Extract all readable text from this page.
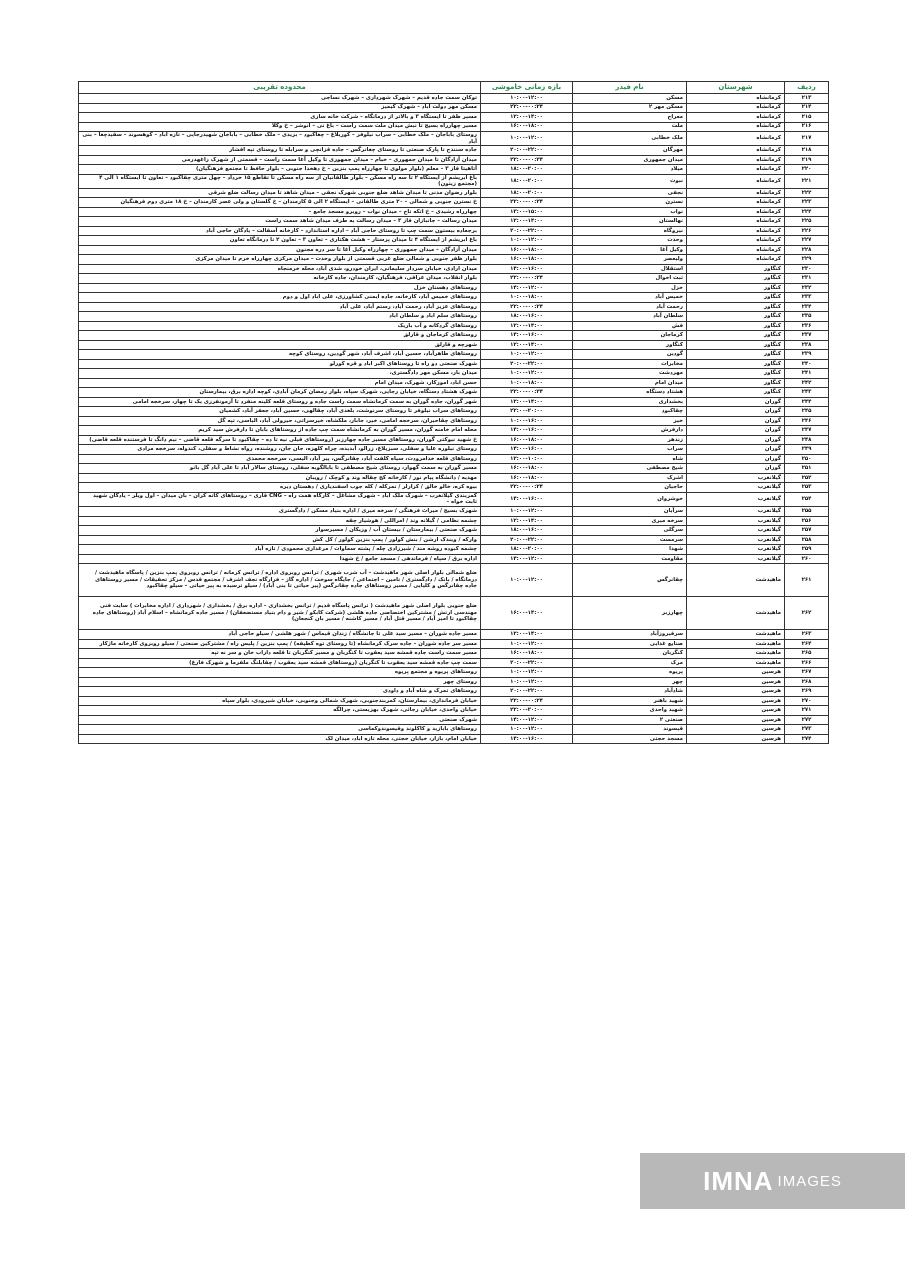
ردیف	شهرستان	نام فیدر	بازه زمانی خاموشی	محدوده تقریبی
۲۱۳	کرمانشاه	مسکن	۱۰:۰۰-۱۲:۰۰	توکان سمت جاده قدیم – شهرک شهرداری – شهرک نساجی
۲۱۴	کرمانشاه	مسکن مهر ۲	۲۲:۰۰-۰۰:۲۴	مسکن مهر دولت آباد – شهرک کیمیز
۲۱۵	کرمانشاه	معراج	۱۲:۰۰-۱۴:۰۰	مسیر ظفر تا ایستگاه ۳ و بالاتر از درمانگاه – شرکت خانه سازی
۲۱۶	کرمانشاه	ملت	۱۶:۰۰-۱۸:۰۰	مسیر چهارراه بسیج تا نبش میدان ملت سمت راست – باغ نی – انوشر – خ وکلا
۲۱۷	کرمانشاه	ملک خطابی	۱۰:۰۰-۱۲:۰۰	روستای باباجان – ملک خطابی – سراب نیلوفر – کوریلاغ – چغاکبود – بزیدی – ملک خطابی – باباجان شهیدرجایی – تازه آباد – کوهسوند – سفیدچغا – بنی آباد
۲۱۸	کرمانشاه	مهرگان	۲۰:۰۰-۲۲:۰۰	جاده سنندج تا پارک صنعتی تا روستای چغانرگس – جاده قزانچی و سرابله تا روستای تپه افشار
۲۱۹	کرمانشاه	میدان جمهوری	۲۲:۰۰-۰۰:۲۴	میدان آزادگان تا میدان جمهوری – خیام – میدان جمهوری تا وکیل آغا سمت راست – قسمتی از شهرک زاغهدرمی
۲۲۰	کرمانشاه	میلاد	۱۸:۰۰-۲۰:۰۰	آتاهیتا فاز ۳ – معلم (بلوار مولوی تا چهارراه پمپ بنزین – خ دهخدا جنوبی – بلوار حافظ تا مجتمع فرهنگیان)
۲۲۱	کرمانشاه	نبوت	۱۸:۰۰-۲۰:۰۰	باغ ابریشم از ایستگاه ۲ تا سه راه مسکن – بلوار طالقانیان از سه راه مسکن تا تقاطع ۱۵ خرداد – چهل متری چقاکبود – تعاون تا ایستگاه ۱ الی ۴ (مجتمع زیتون)
۲۲۲	کرمانشاه	نجفی	۱۸:۰۰-۲۰:۰۰	بلوار رضوان مدنی تا میدان شاهد ضلع جنوبی شهرک نجفی – میدان شاهد تا میدان رسالت ضلع شرقی
۲۲۳	کرمانشاه	نسترن	۲۲:۰۰-۰۰:۲۴	خ نسترن جنوبی و شمالی – ۲۰ متری طالقانی – ایستگاه ۲ الی ۵ کارمندان – خ گلستان و ولی عصر کارمندان – خ ۱۸ متری دوم فرهنگیان
۲۲۴	کرمانشاه	نواب	۱۳:۰۰-۱۵:۰۰	چهارراه رشیدی – خ اتکه تاج – میدان نواب – روبرو مسجد جامع –
۲۲۵	کرمانشاه	نهالستان	۱۲:۰۰-۱۴:۰۰	میدان رسالت – جانبازان فاز ۳ – میدان رسالت به طرف میدان شاهد سمت راست
۲۲۶	کرمانشاه	نیروگاه	۲۰:۰۰-۲۲:۰۰	برجعاده بیستون سمت چپ تا روستای حاجی آباد – اداره استاندارد – کارخانه آسفالت – یادگان حاجی آباد
۲۲۷	کرمانشاه	وحدت	۱۰:۰۰-۱۲:۰۰	باغ ابریشم از ایستگاه ۴ تا میدان پرستار – هشت هکتاری – تعاون ۳ – تعاون ۲ تا درمانگاه تعاون
۲۲۸	کرمانشاه	وکیل آغا	۱۶:۰۰-۱۸:۰۰	میدان آزادگان – میدان جمهوری – چهارراه وکیل آغا تا سر دره مجنون
۲۲۹	کرمانشاه	ولیعصر	۱۶:۰۰-۱۸:۰۰	بلوار ظفر جنوبی و شمالی ضلع غربی قسمتی از بلوار وحدت – میدان مرکزی چهارراه خرم تا میدان مرکزی
۲۳۰	کنگاور	استقلال	۱۴:۰۰-۱۶:۰۰	میدان ارادی، خیابان سردار سلیمانی، ایران خودرو، شدی آباد، محله خرمنجاه
۲۳۱	کنگاور	ثبت احوال	۲۲:۰۰-۰۰:۲۴	بلوار انقلاب، میدان عراقی، فرهنگیان، کارمندان، جاده کارخانه
۲۳۲	کنگاور	خزل	۱۴:۰۰-۱۲:۰۰	روستاهای دهستان خزل
۲۳۳	کنگاور	خمیس آباد	۱۰:۰۰-۱۸:۰۰	روستاهای خمیس آباد، کارخانه، جاده ایمنی کشاورزی، علی اباد اول و دوم
۲۳۴	کنگاور	رحمت آباد	۲۲:۰۰-۰۰:۲۴	روستاهای عزیز آباد، رحمت آباد، رستم آباد، علی آباد
۲۳۵	کنگاور	سلطان آباد	۱۸:۰۰-۱۶:۰۰	روستاهای سلم اباد و سلطان اباد
۲۳۶	کنگاور	فش	۱۲:۰۰-۱۴:۰۰	روستاهای گردکانه و آب باریک
۲۳۷	کنگاور	کرماجان	۱۴:۰۰-۱۶:۰۰	روستاهای کرماجان و قارلق
۲۳۸	کنگاور	کنگاور	۱۲:۰۰-۱۴:۰۰	شهرچه و قارلق
۲۳۹	کنگاور	گودین	۱۰:۰۰-۱۲:۰۰	روستاهای طاهرآباد، حسین آباد، اشرف آباد، شهر گودین، روستای کوچه
۲۴۰	کنگاور	مخابرات	۲۰:۰۰-۲۲:۰۰	شهرک صنعتی دو راه تا روستاهای اکبر اباد و قره کورلو
۲۴۱	کنگاور	مهردشت	۱۰:۰۰-۱۲:۰۰	میدان بار، مسکن مهر دادگستری،
۲۴۲	کنگاور	میدان امام	۱۰:۰۰-۱۸:۰۰	حسن اباد، امورکار، شهرک، میدان امام
۲۴۳	کنگاور	هشتاد دستگاه	۲۲:۰۰-۰۰:۲۴	شهرک هشتاد دستگاه، خیابان رجایی، شهرک سپاه، بلوار رمضان کرمان آبادی، کوچه اداره برق، بیمارستان
۲۴۴	گوران	بخشداری	۱۲:۰۰-۱۴:۰۰	شهر گوران، جاده گوران به سمت کرمانشاه سمت راست جاده و روستای قلعه کلینه منفرد تا آزمونفرزی یک تا چهار، سرخجه امامی
۲۴۵	گوران	چقاکبود	۲۲:۰۰-۲۰:۰۰	روستاهای سراب نیلوفر تا روستای سرنوشت، بلغدی آباد، چقالهی، حسین آباد، جعفر آباد، کشمیان
۲۴۶	گوران	خیر	۱۰:۰۰-۱۶:۰۰	روستاهای چقاحیران، سرخجه امامی، خیر، جابار، ملکشاه، خیرسراتی، حیرولی آباد، الیاسی، تپه گل
۲۴۷	گوران	دارفرش	۱۴:۰۰-۱۶:۰۰	محله امام خامنه گوران، مسیر گوران به کرمانشاه سمت چپ جاده از روستاهای بابان تا دارفرش سید کریم
۲۴۸	گوران	زندهر	۱۶:۰۰-۱۸:۰۰	خ شهید نیوکتی گوران، روستاهای مسیر جاده چهارزبر (روستاهای قبلی نیه تا ده – چقاکبود تا سرگه قلعه قاضی – نیم دانگ تا فرستنده قلعه قاضی)
۲۴۹	گوران	سراب	۱۴:۰۰-۱۶:۰۰	روستای نیلوره علیا و سفلی، سبزیلاغ، زرالو، آبدیده، چراه کلهزه، جان جان، روشنده، رواه نشاط و سفلی، کندوله، سرخجه مرادی
۲۵۰	گوران	شاه	۱۲:۰۰-۱۰:۰۰	روستاهای قلعه خدامرودت، سیاه کلفت آباد، چقانرگس، پیر آباد، الیسی، سرخجه محمدی
۲۵۱	گوران	شیخ مصطفی	۱۶:۰۰-۱۸:۰۰	مسیر گوران به سمت گهوار، روستای شیخ مصطفی تا بابالگوبه سفلی، روستای سالار آباد تا علی آباد گل بانو
۲۵۲	گیلانغرب	اشرک	۱۶:۰۰-۱۸:۰۰	مهدیه / دانشگاه پیام نور / کارخانه کج چقاله وند و کوچک / رویبان
۲۵۳	گیلانغرب	حاجیان	۲۲:۰۰-۰۰:۲۴	بیوه کره، خالو خالق / کرارلر / نمرکله / کله جوب اسفندیاری / دهستان دیره
۲۵۴	گیلانغرب	خوشروان	۱۴:۰۰-۱۶:۰۰	کمربندی گیلانغرب – شهرک ملک آباد – شهرک مشاغل – کارگاه همت راه – CNG قاری – روستاهای کانه کران – بان میدان – اول ویلر – یادگان شهید ثابت خواه –
۲۵۵	گیلانغرب	سرآیان	۱۰:۰۰-۱۲:۰۰	شهرک بسیج / میراث فرهنگی / سرخه میری / اداره بنیاد مسکن / دادگستری
۲۵۶	گیلانغرب	سرخه میری	۱۲:۰۰-۱۴:۰۰	چشمه نظامی / گیلانه وند / امراللی / هوشیار چقه
۲۵۷	گیلانغرب	سرگلی	۱۸:۰۰-۱۶:۰۰	شهرک صنعتی / بیمارستان / بیستان آب / وزیکان / مسیرسوار
۲۵۸	گیلانغرب	سرمست	۲۰:۰۰-۲۲:۰۰	وارکه / ویندک ارشن / بنش کولور / پمپ بنزین کولور / کل کش
۲۵۹	گیلانغرب	شهدا	۱۸:۰۰-۲۰:۰۰	چشمه کبوده روشه مند / شیرزادی چله / پشته سماوات / مرغداری محمودی / تازه آباد
۲۶۰	گیلانغرب	مقاومت	۱۴:۰۰-۱۲:۰۰	اداره برق / سپاه / فرماندهی / مسجد جامع / خ شهدا
۲۶۱	ماهیدشت	چقانرگس	۱۰:۰۰-۱۲:۰۰	ضلع شمالی بلوار اصلی شهر ماهیدشت – آب شرب شهری / ترانس روبروی اداره / ترانس کرمانه / ترانس روبروی پمپ بنزین / پاسگاه ماهیدشت / درمانگاه / بانک / دادگستری / تامین – اجتماعی / جایگاه سوخت / اداره گاز – فرارگاه نجف اشرف / مجتمع قدس / مرکز تحقیقات / مسیر روستاهای جاده چقانرگس و کلیایی / مسیر روستاهای جاده چقانرگس (پیر حیاتی تا بنی آباد) / سیلو ترسیده به پیر حیاتی – سیلو چقاکبود
۲۶۲	ماهیدشت	چهارزبر	۱۶:۰۰-۱۴:۰۰	ضلع جنوبی بلوار اصلی شهر ماهیدشت ( ترانس پاسگاه قدیم / ترانس بخشداری – اداره برق / بخشداری / شهرداری / اداره مخابرات ) سایت فنی مهندسی ارتش / مشترکین اختصاصی جاده هلشی (شرکت کابکو / شیر و دام بنیاد مستضعفان) / مسیر جاده کرمانشاه – اسلام آباد (روستاهای جاده چقاکبود تا امیر آباد / مسیر قتل آباد / مسیر کاشنه / مسیر بان کنجعان)
۲۶۳	ماهیدشت	سرفیروزآباد	۱۲:۰۰-۱۴:۰۰	مسیر جاده شوران – مسیر سید علی تا جانشگاه / زندان قیماس / شهر هلشی / سیلو حاجی آباد
۲۶۴	ماهیدشت	صنایع غذایی	۱۰:۰۰-۱۲:۰۰	مسیر سر جاده شوران – جاده سرک کرمانشاه (تا روستای توه کطیفه) / پمپ بنزین / پلیس راه / مشترکین صنعتی / سیلو روبروی کارخانه ماژکار
۲۶۵	ماهیدشت	کنگربان	۱۶:۰۰-۱۸:۰۰	مسیر سمت راست جاده قمشه سید یعقوب تا کنگربان و مسیر کنگربان تا قلعه داراب خان و سر نه تپه
۲۶۶	ماهیدشت	مرک	۲۰:۰۰-۲۲:۰۰	سمت چپ جاده قمشه سید یعقوب تا کنگربان (روستاهای قمشه سید یعقوب / چقابلنگ ملفرما و شهرک فارغ)
۲۶۷	هرسین	پریوه	۱۰:۰۰-۱۲:۰۰	روستاهای پریوه و مجتمع پریوه
۲۶۸	هرسین	چهر	۱۰:۰۰-۱۲:۰۰	روستای چهر
۲۶۹	هرسین	شادآباد	۲۰:۰۰-۲۲:۰۰	روستاهای تمرک و شاه آباد و داودی
۲۷۰	هرسین	شهید باهنر	۲۲:۰۰-۰۰:۲۴	خیابان فرمانداری، بیمارستان، کمربندجنوبی، شهرک شمالی وجنوبی، خیابان شیرودی، بلوار سپاه
۲۷۱	هرسین	شهید واحدی	۲۲:۰۰-۲۰:۰۰	خیابان واحدی، خیابان رجائی، شهرک بهزیستی، چرالگه
۲۷۲	هرسین	صنعتی ۲	۱۴:۰۰-۱۲:۰۰	شهرک صنعتی
۲۷۳	هرسین	قیسوند	۱۰:۰۰-۱۲:۰۰	روستاهای بابازید و کاکلوند وقیسوندوکماسی
۲۷۴	هرسین	مسجد حجتی	۱۴:۰۰-۱۶:۰۰	خیابان امام، بازار، خیابان حجتی، محله تازه اباد، میدان لک
IMNA IMAGES
